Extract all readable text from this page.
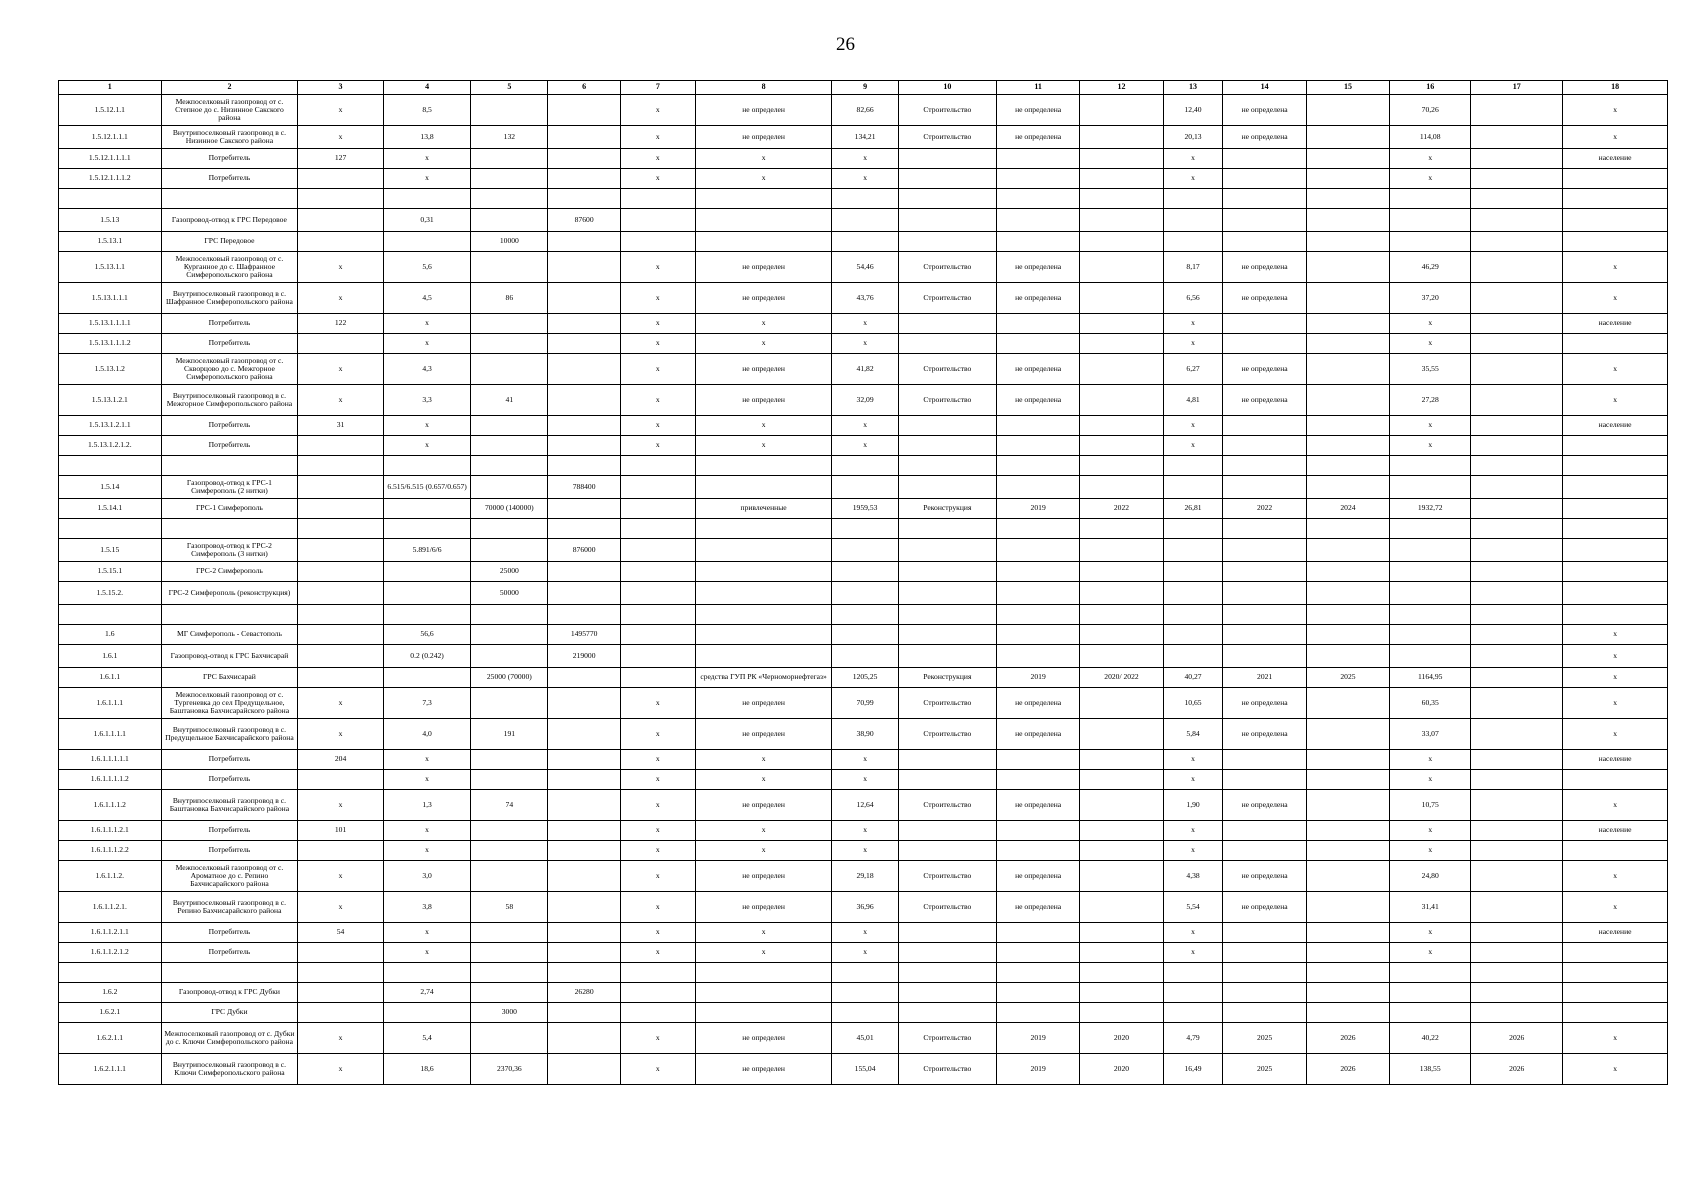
26
1	2	3	4	5	6	7	8	9	10	11	12	13	14	15	16	17	18
1.5.12.1.1	Межпоселковый газопровод от с. Степное до с. Низинное Сакского района	х	8,5			х	не определен	82,66	Строительство	не определена		12,40	не определена		70,26		х
1.5.12.1.1.1	Внутрипоселковый газопровод в с. Низинное Сакского района	х	13,8	132		х	не определен	134,21	Строительство	не определена		20,13	не определена		114,08		х
1.5.12.1.1.1.1	Потребитель	127	х			х	х	х				х			х		население
1.5.12.1.1.1.2	Потребитель		х			х	х	х				х			х		

1.5.13	Газопровод-отвод к ГРС Передовое		0,31		87600												
1.5.13.1	ГРС Передовое			10000													
1.5.13.1.1	Межпоселковый газопровод от с. Курганное до с. Шафранное Симферопольского района	х	5,6			х	не определен	54,46	Строительство	не определена		8,17	не определена		46,29		х
1.5.13.1.1.1	Внутрипоселковый газопровод в с. Шафранное Симферопольского района	х	4,5	86		х	не определен	43,76	Строительство	не определена		6,56	не определена		37,20		х
1.5.13.1.1.1.1	Потребитель	122	х			х	х	х				х			х		население
1.5.13.1.1.1.2	Потребитель		х			х	х	х				х			х		
1.5.13.1.2	Межпоселковый газопровод от с. Скворцово до с. Межгорное Симферопольского района	х	4,3			х	не определен	41,82	Строительство	не определена		6,27	не определена		35,55		х
1.5.13.1.2.1	Внутрипоселковый газопровод в с. Межгорное Симферопольского района	х	3,3	41		х	не определен	32,09	Строительство	не определена		4,81	не определена		27,28		х
1.5.13.1.2.1.1	Потребитель	31	х			х	х	х				х			х		население
1.5.13.1.2.1.2.	Потребитель		х			х	х	х				х			х		

1.5.14	Газопровод-отвод к ГРС-1 Симферополь (2 нитки)		6.515/6.515 (0.657/0.657)		788400												
1.5.14.1	ГРС-1 Симферополь			70000 (140000)			привлеченные	1959,53	Реконструкция	2019	2022	26,81	2022	2024	1932,72		

1.5.15	Газопровод-отвод к ГРС-2 Симферополь (3 нитки)		5.891/6/6		876000												
1.5.15.1	ГРС-2 Симферополь			25000													
1.5.15.2.	ГРС-2 Симферополь (реконструкция)			50000													

1.6	МГ Симферополь - Севастополь		56,6		1495770												х
1.6.1	Газопровод-отвод к ГРС Бахчисарай		0.2 (0.242)		219000												х
1.6.1.1	ГРС Бахчисарай			25000 (70000)			средства ГУП РК «Черноморнефтегаз»	1205,25	Реконструкция	2019	2020/ 2022	40,27	2021	2025	1164,95		х
1.6.1.1.1	Межпоселковый газопровод от с. Тургеневка до сел Предущельное, Баштановка Бахчисарайского района	х	7,3			х	не определен	70,99	Строительство	не определена		10,65	не определена		60,35		х
1.6.1.1.1.1	Внутрипоселковый газопровод в с. Предущельное Бахчисарайского района	х	4,0	191		х	не определен	38,90	Строительство	не определена		5,84	не определена		33,07		х
1.6.1.1.1.1.1	Потребитель	204	х			х	х	х				х			х		население
1.6.1.1.1.1.2	Потребитель		х			х	х	х				х			х		
1.6.1.1.1.2	Внутрипоселковый газопровод в с. Баштановка Бахчисарайского района	х	1,3	74		х	не определен	12,64	Строительство	не определена		1,90	не определена		10,75		х
1.6.1.1.1.2.1	Потребитель	101	х			х	х	х				х			х		население
1.6.1.1.1.2.2	Потребитель		х			х	х	х				х			х		
1.6.1.1.2.	Межпоселковый газопровод от с. Ароматное до с. Репино Бахчисарайского района	х	3,0			х	не определен	29,18	Строительство	не определена		4,38	не определена		24,80		х
1.6.1.1.2.1.	Внутрипоселковый газопровод в с. Репино Бахчисарайского района	х	3,8	58		х	не определен	36,96	Строительство	не определена		5,54	не определена		31,41		х
1.6.1.1.2.1.1	Потребитель	54	х			х	х	х				х			х		население
1.6.1.1.2.1.2	Потребитель		х			х	х	х				х			х		

1.6.2	Газопровод-отвод к ГРС Дубки		2,74		26280												
1.6.2.1	ГРС Дубки			3000													
1.6.2.1.1	Межпоселковый газопровод от с. Дубки до с. Ключи Симферопольского района	х	5,4			х	не определен	45,01	Строительство	2019	2020	4,79	2025	2026	40,22	2026	х
1.6.2.1.1.1	Внутрипоселковый газопровод в с. Ключи Симферопольского района	х	18,6	2370,36		х	не определен	155,04	Строительство	2019	2020	16,49	2025	2026	138,55	2026	х
